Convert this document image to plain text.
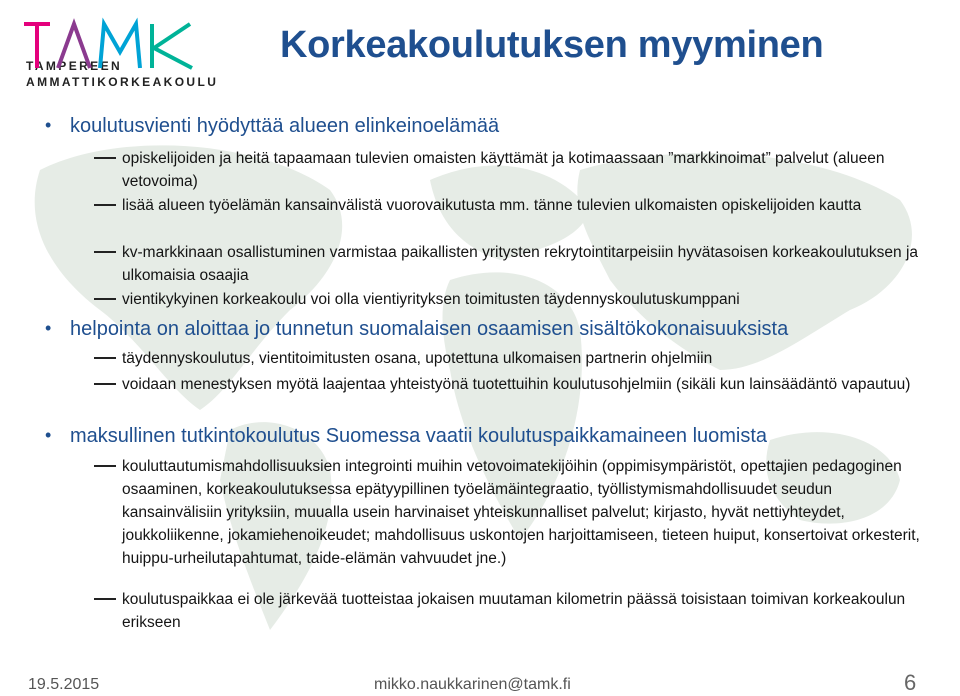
TAMPEREEN
AMMATTIKORKEAKOULU
Korkeakoulutuksen myyminen
• koulutusvienti hyödyttää alueen elinkeinoelämää
opiskelijoiden ja heitä tapaamaan tulevien omaisten käyttämät ja kotimaassaan ”markkinoimat” palvelut (alueen vetovoima)
lisää alueen työelämän kansainvälistä vuorovaikutusta mm. tänne tulevien ulkomaisten opiskelijoiden kautta
kv-markkinaan osallistuminen varmistaa paikallisten yritysten rekrytointitarpeisiin hyvätasoisen korkeakoulutuksen ja ulkomaisia osaajia
vientikykyinen korkeakoulu voi olla vientiyrityksen toimitusten täydennyskoulutuskumppani
• helpointa on aloittaa jo tunnetun suomalaisen osaamisen sisältökokonaisuuksista
täydennyskoulutus, vientitoimitusten osana, upotettuna ulkomaisen partnerin ohjelmiin
voidaan menestyksen myötä laajentaa yhteistyönä tuotettuihin koulutusohjelmiin (sikäli kun lainsäädäntö vapautuu)
• maksullinen tutkintokoulutus Suomessa vaatii koulutuspaikkamaineen luomista
kouluttautumismahdollisuuksien integrointi muihin vetovoimatekijöihin (oppimisympäristöt, opettajien pedagoginen osaaminen, korkeakoulutuksessa epätyypillinen työelämäintegraatio, työllistymismahdollisuudet seudun kansainvälisiin yrityksiin, muualla usein harvinaiset yhteiskunnalliset palvelut; kirjasto, hyvät nettiyhteydet, joukkoliikenne, jokamiehenoikeudet; mahdollisuus uskontojen harjoittamiseen, tieteen huiput, konsertoivat orkesterit, huippu-urheilutapahtumat, taide-elämän vahvuudet jne.)
koulutuspaikkaa ei ole järkevää tuotteistaa jokaisen muutaman kilometrin päässä toisistaan toimivan korkeakoulun erikseen
19.5.2015	mikko.naukkarinen@tamk.fi	6
